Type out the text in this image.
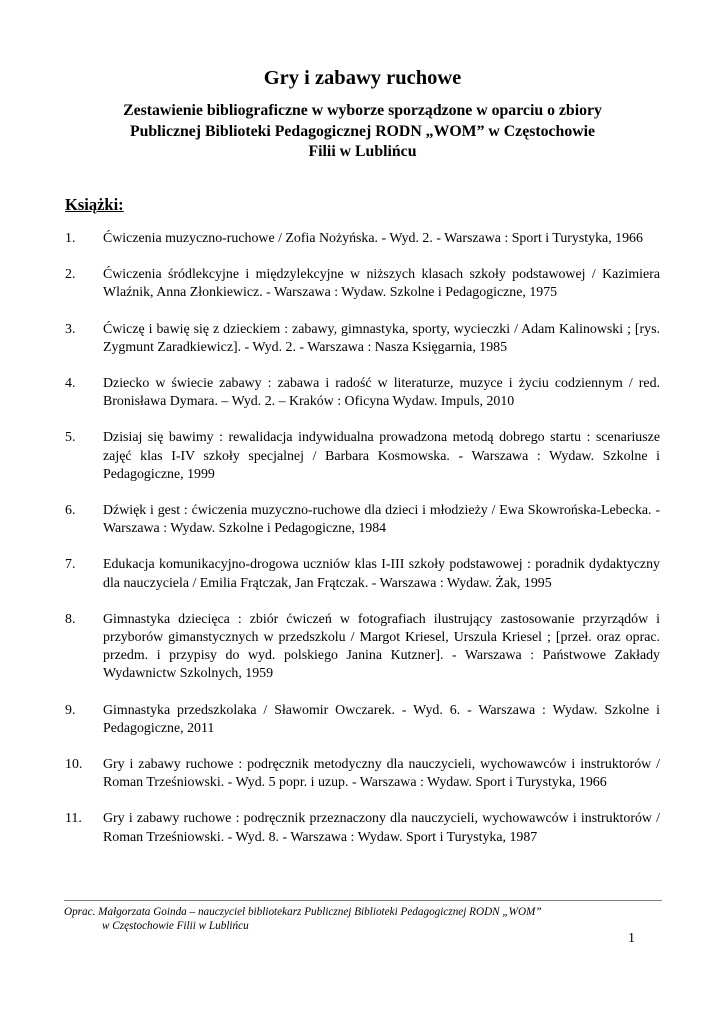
Gry i zabawy ruchowe
Zestawienie bibliograficzne w wyborze sporządzone w oparciu o zbiory
Publicznej Biblioteki Pedagogicznej RODN „WOM” w Częstochowie
Filii w Lublińcu
Książki:
1.	Ćwiczenia muzyczno-ruchowe / Zofia Nożyńska. - Wyd. 2. - Warszawa : Sport i Turystyka, 1966
2.	Ćwiczenia śródlekcyjne i międzylekcyjne w niższych klasach szkoły podstawowej / Kazimiera Wlaźnik, Anna Złonkiewicz. - Warszawa : Wydaw. Szkolne i Pedagogiczne, 1975
3.	Ćwiczę i bawię się z dzieckiem : zabawy, gimnastyka, sporty, wycieczki / Adam Kalinowski ; [rys. Zygmunt Zaradkiewicz]. - Wyd. 2. - Warszawa : Nasza Księgarnia, 1985
4.	Dziecko w świecie zabawy : zabawa i radość w literaturze, muzyce i życiu codziennym / red. Bronisława Dymara. – Wyd. 2. – Kraków : Oficyna Wydaw. Impuls, 2010
5.	Dzisiaj się bawimy : rewalidacja indywidualna prowadzona metodą dobrego startu : scenariusze zajęć klas I-IV szkoły specjalnej / Barbara Kosmowska. - Warszawa : Wydaw. Szkolne i Pedagogiczne, 1999
6.	Dźwięk i gest : ćwiczenia muzyczno-ruchowe dla dzieci i młodzieży / Ewa Skowrońska-Lebecka. - Warszawa : Wydaw. Szkolne i Pedagogiczne, 1984
7.	Edukacja komunikacyjno-drogowa uczniów klas I-III szkoły podstawowej : poradnik dydaktyczny dla nauczyciela / Emilia Frątczak, Jan Frątczak. - Warszawa : Wydaw. Żak, 1995
8.	Gimnastyka dziecięca : zbiór ćwiczeń w fotografiach ilustrujący zastosowanie przyrządów i przyborów gimanstycznych w przedszkolu / Margot Kriesel, Urszula Kriesel ; [przeł. oraz oprac. przedm. i przypisy do wyd. polskiego Janina Kutzner]. - Warszawa : Państwowe Zakłady Wydawnictw Szkolnych, 1959
9.	Gimnastyka przedszkolaka / Sławomir Owczarek. - Wyd. 6. - Warszawa : Wydaw. Szkolne i Pedagogiczne, 2011
10.	Gry i zabawy ruchowe : podręcznik metodyczny dla nauczycieli, wychowawców i instruktorów / Roman Trześniowski. - Wyd. 5 popr. i uzup. - Warszawa : Wydaw. Sport i Turystyka, 1966
11.	Gry i zabawy ruchowe : podręcznik przeznaczony dla nauczycieli, wychowawców i instruktorów / Roman Trześniowski. - Wyd. 8. - Warszawa : Wydaw. Sport i Turystyka, 1987

Oprac. Małgorzata Goinda – nauczyciel bibliotekarz Publicznej Biblioteki Pedagogicznej RODN „WOM”
w Częstochowie Filii w Lublińcu

1
